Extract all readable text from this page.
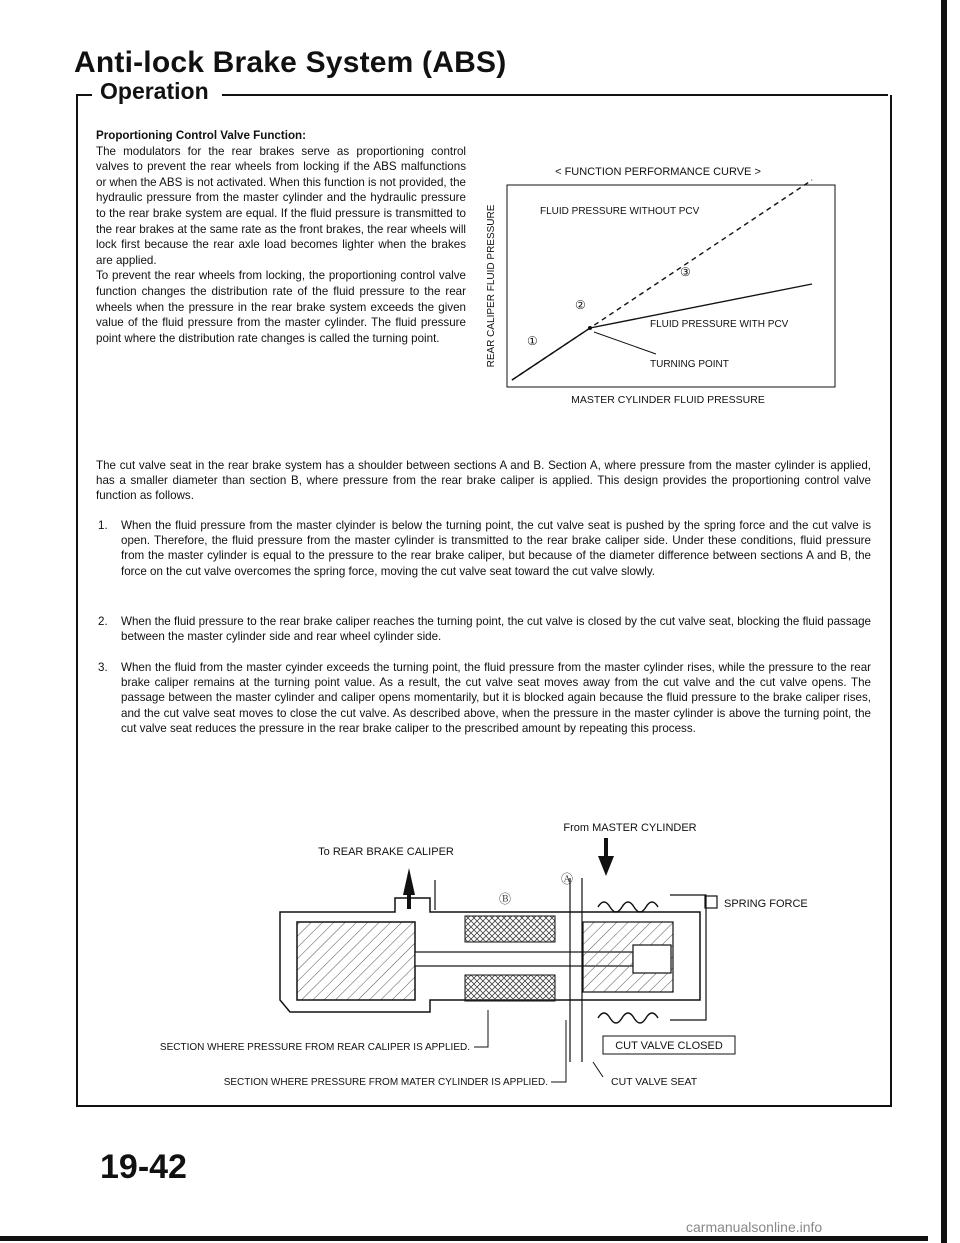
Anti-lock Brake System (ABS)
Operation

Proportioning Control Valve Function:

The modulators for the rear brakes serve as proportioning control valves to prevent the rear wheels from locking if the ABS malfunctions or when the ABS is not activated. When this function is not provided, the hydraulic pressure from the master cylinder and the hydraulic pressure to the rear brake system are equal. If the fluid pressure is transmitted to the rear brakes at the same rate as the front brakes, the rear wheels will lock first because the rear axle load becomes lighter when the brakes are applied.

To prevent the rear wheels from locking, the proportioning control valve function changes the distribution rate of the fluid pressure to the rear wheels when the pressure in the rear brake system exceeds the given value of the fluid pressure from the master cylinder. The fluid pressure point where the distribution rate changes is called the turning point.

The cut valve seat in the rear brake system has a shoulder between sections A and B. Section A, where pressure from the master cylinder is applied, has a smaller diameter than section B, where pressure from the rear brake caliper is applied. This design provides the proportioning control valve function as follows.

1. When the fluid pressure from the master clyinder is below the turning point, the cut valve seat is pushed by the spring force and the cut valve is open. Therefore, the fluid pressure from the master cylinder is transmitted to the rear brake caliper side. Under these conditions, fluid pressure from the master cylinder is equal to the pressure to the rear brake caliper, but because of the diameter difference between sections A and B, the force on the cut valve overcomes the spring force, moving the cut valve seat toward the cut valve slowly.
2. When the fluid pressure to the rear brake caliper reaches the turning point, the cut valve is closed by the cut valve seat, blocking the fluid passage between the master cylinder side and rear wheel cylinder side.
3. When the fluid from the master cyinder exceeds the turning point, the fluid pressure from the master cylinder rises, while the pressure to the rear brake caliper remains at the turning point value. As a result, the cut valve seat moves away from the cut valve and the cut valve opens. The passage between the master cylinder and caliper opens momentarily, but it is blocked again because the fluid pressure to the brake caliper rises, and the cut valve seat moves to close the cut valve. As described above, when the pressure in the master cylinder is above the turning point, the cut valve seat reduces the pressure in the rear brake caliper to the prescribed amount by repeating this process.
< FUNCTION PERFORMANCE CURVE >
REAR CALIPER FLUID PRESSURE
MASTER CYLINDER FLUID PRESSURE
FLUID PRESSURE WITHOUT PCV
FLUID PRESSURE WITH PCV
TURNING POINT
①
②
③
To REAR BRAKE CALIPER
From MASTER CYLINDER
Ⓐ
Ⓑ	SPRING FORCE
CUT VALVE CLOSED
SECTION WHERE PRESSURE FROM REAR CALIPER IS APPLIED.
SECTION WHERE PRESSURE FROM MATER CYLINDER IS APPLIED.	CUT VALVE SEAT
19-42
carmanualsonline.info
